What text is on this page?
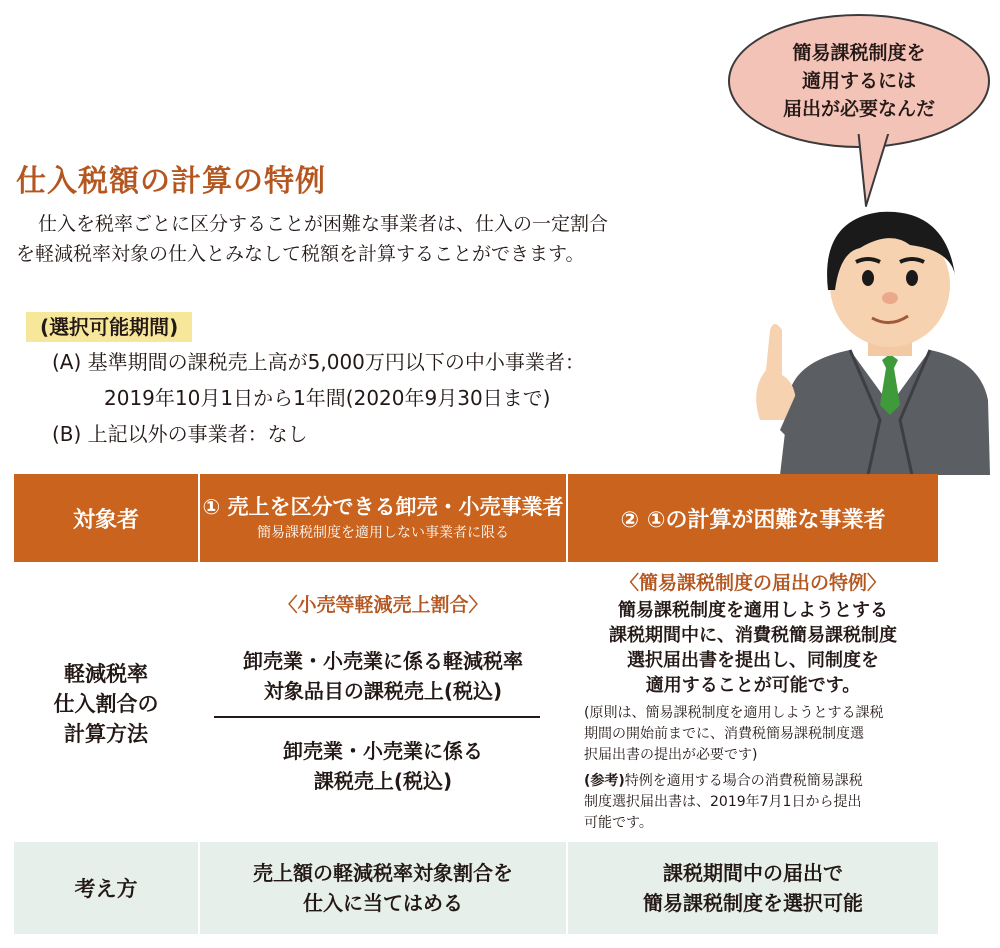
簡易課税制度を
適用するには
届出が必要なんだ
仕入税額の計算の特例
仕入を税率ごとに区分することが困難な事業者は、仕入の一定割合
を軽減税率対象の仕入とみなして税額を計算することができます。
(選択可能期間)
(A) 基準期間の課税売上高が5,000万円以下の中小事業者：
2019年10月1日から1年間(2020年9月30日まで)
(B) 上記以外の事業者：なし
対象者
① 売上を区分できる卸売・小売事業者
簡易課税制度を適用しない事業者に限る
② ①の計算が困難な事業者
軽減税率
仕入割合の
計算方法
〈小売等軽減売上割合〉
卸売業・小売業に係る軽減税率
対象品目の課税売上(税込)
卸売業・小売業に係る
課税売上(税込)
〈簡易課税制度の届出の特例〉
簡易課税制度を適用しようとする
課税期間中に、消費税簡易課税制度
選択届出書を提出し、同制度を
適用することが可能です。
(原則は、簡易課税制度を適用しようとする課税
期間の開始前までに、消費税簡易課税制度選
択届出書の提出が必要です)
(参考)特例を適用する場合の消費税簡易課税
制度選択届出書は、2019年7月1日から提出
可能です。
考え方
売上額の軽減税率対象割合を
仕入に当てはめる
課税期間中の届出で
簡易課税制度を選択可能
